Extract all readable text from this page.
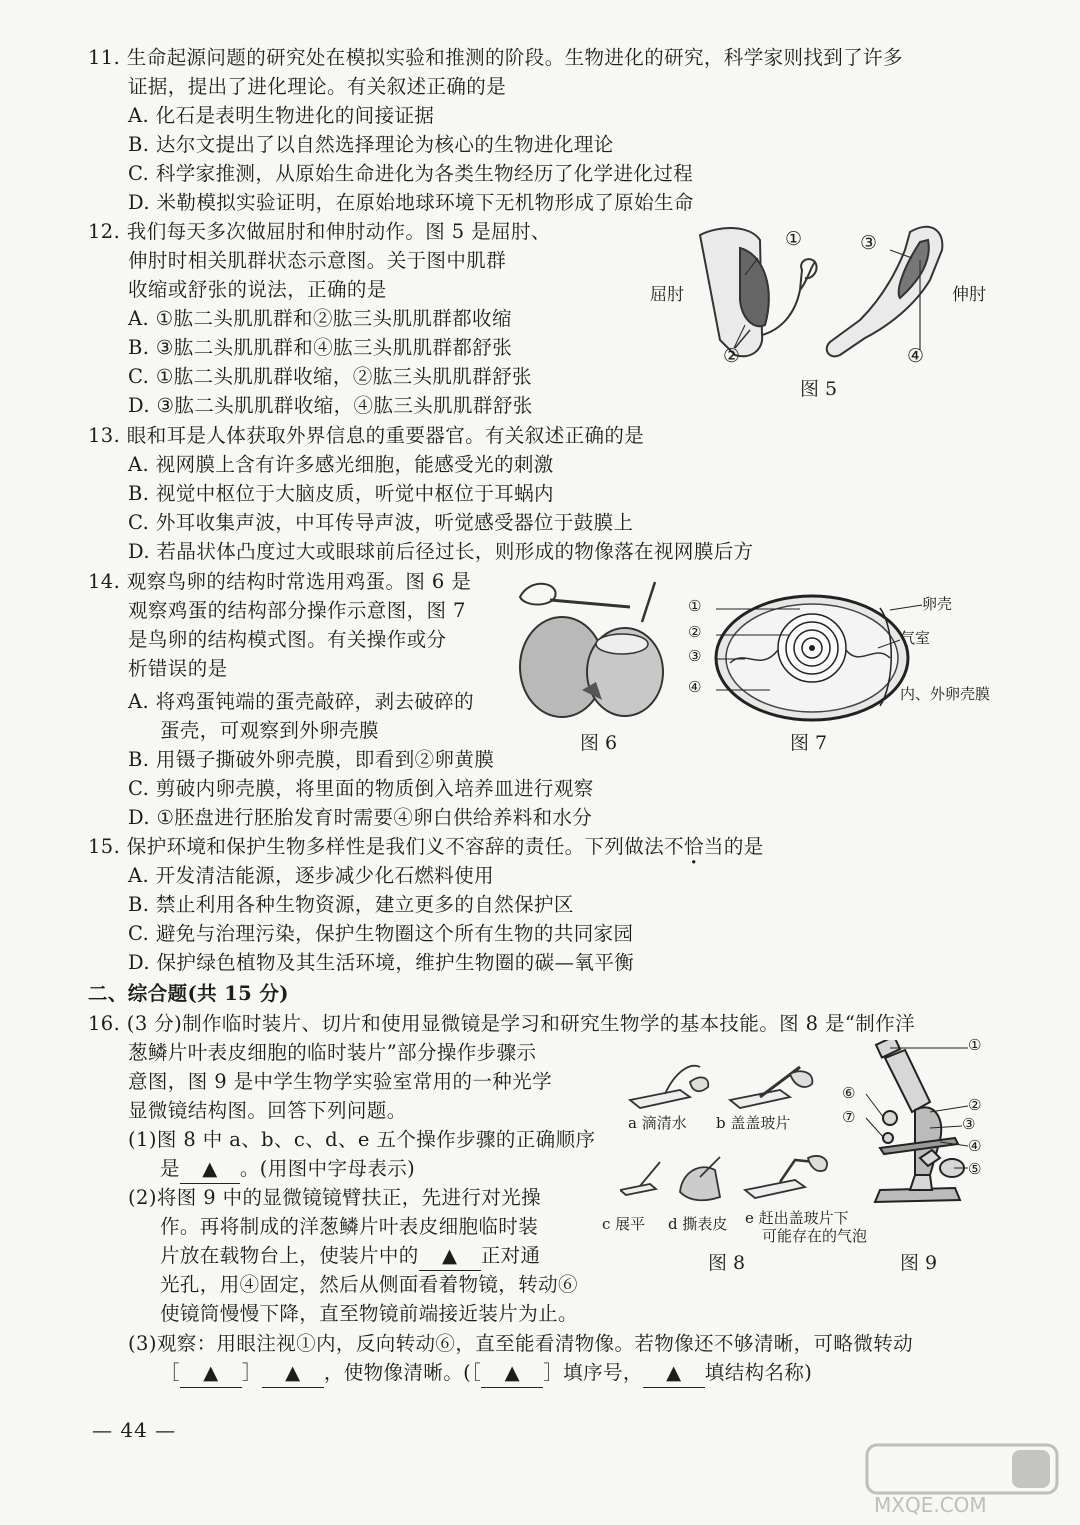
11. 生命起源问题的研究处在模拟实验和推测的阶段。生物进化的研究，科学家则找到了许多
证据，提出了进化理论。有关叙述正确的是
A. 化石是表明生物进化的间接证据
B. 达尔文提出了以自然选择理论为核心的生物进化理论
C. 科学家推测，从原始生命进化为各类生物经历了化学进化过程
D. 米勒模拟实验证明，在原始地球环境下无机物形成了原始生命
12. 我们每天多次做屈肘和伸肘动作。图 5 是屈肘、
伸肘时相关肌群状态示意图。关于图中肌群
收缩或舒张的说法，正确的是
A. ①肱二头肌肌群和②肱三头肌肌群都收缩
B. ③肱二头肌肌群和④肱三头肌肌群都舒张
C. ①肱二头肌肌群收缩，②肱三头肌肌群舒张
D. ③肱二头肌肌群收缩，④肱三头肌肌群舒张
①
②
③
④
屈肘	伸肘
图 5
13. 眼和耳是人体获取外界信息的重要器官。有关叙述正确的是
A. 视网膜上含有许多感光细胞，能感受光的刺激
B. 视觉中枢位于大脑皮质，听觉中枢位于耳蜗内
C. 外耳收集声波，中耳传导声波，听觉感受器位于鼓膜上
D. 若晶状体凸度过大或眼球前后径过长，则形成的物像落在视网膜后方
14. 观察鸟卵的结构时常选用鸡蛋。图 6 是
观察鸡蛋的结构部分操作示意图，图 7
是鸟卵的结构模式图。有关操作或分
析错误的是
A. 将鸡蛋钝端的蛋壳敲碎，剥去破碎的
蛋壳，可观察到外卵壳膜
B. 用镊子撕破外卵壳膜，即看到②卵黄膜
C. 剪破内卵壳膜，将里面的物质倒入培养皿进行观察
D. ①胚盘进行胚胎发育时需要④卵白供给养料和水分
图 6
①
②
③
④
卵壳
气室
内、外卵壳膜
图 7
15. 保护环境和保护生物多样性是我们义不容辞的责任。下列做法不恰当的是
A. 开发清洁能源，逐步减少化石燃料使用
B. 禁止利用各种生物资源，建立更多的自然保护区
C. 避免与治理污染，保护生物圈这个所有生物的共同家园
D. 保护绿色植物及其生活环境，维护生物圈的碳—氧平衡
二、综合题(共 15 分)
16. (3 分)制作临时装片、切片和使用显微镜是学习和研究生物学的基本技能。图 8 是“制作洋
葱鳞片叶表皮细胞的临时装片”部分操作步骤示
意图，图 9 是中学生物学实验室常用的一种光学
显微镜结构图。回答下列问题。
(1)图 8 中 a、b、c、d、e 五个操作步骤的正确顺序
是 ▲ 。(用图中字母表示)
(2)将图 9 中的显微镜镜臂扶正，先进行对光操
作。再将制成的洋葱鳞片叶表皮细胞临时装
片放在载物台上，使装片中的 ▲ 正对通
光孔，用④固定，然后从侧面看着物镜，转动⑥
使镜筒慢慢下降，直至物镜前端接近装片为止。
(3)观察：用眼注视①内，反向转动⑥，直至能看清物像。若物像还不够清晰，可略微转动
［ ▲ ］ ▲ ，使物像清晰。(［ ▲ ］填序号， ▲ 填结构名称)
a 滴清水 b 盖盖玻片
c 展平 d 撕表皮 e 赶出盖玻片下
可能存在的气泡
图 8
①
②
③
④
⑤
⑥
⑦
图 9
— 44 —
MXQE.COM
